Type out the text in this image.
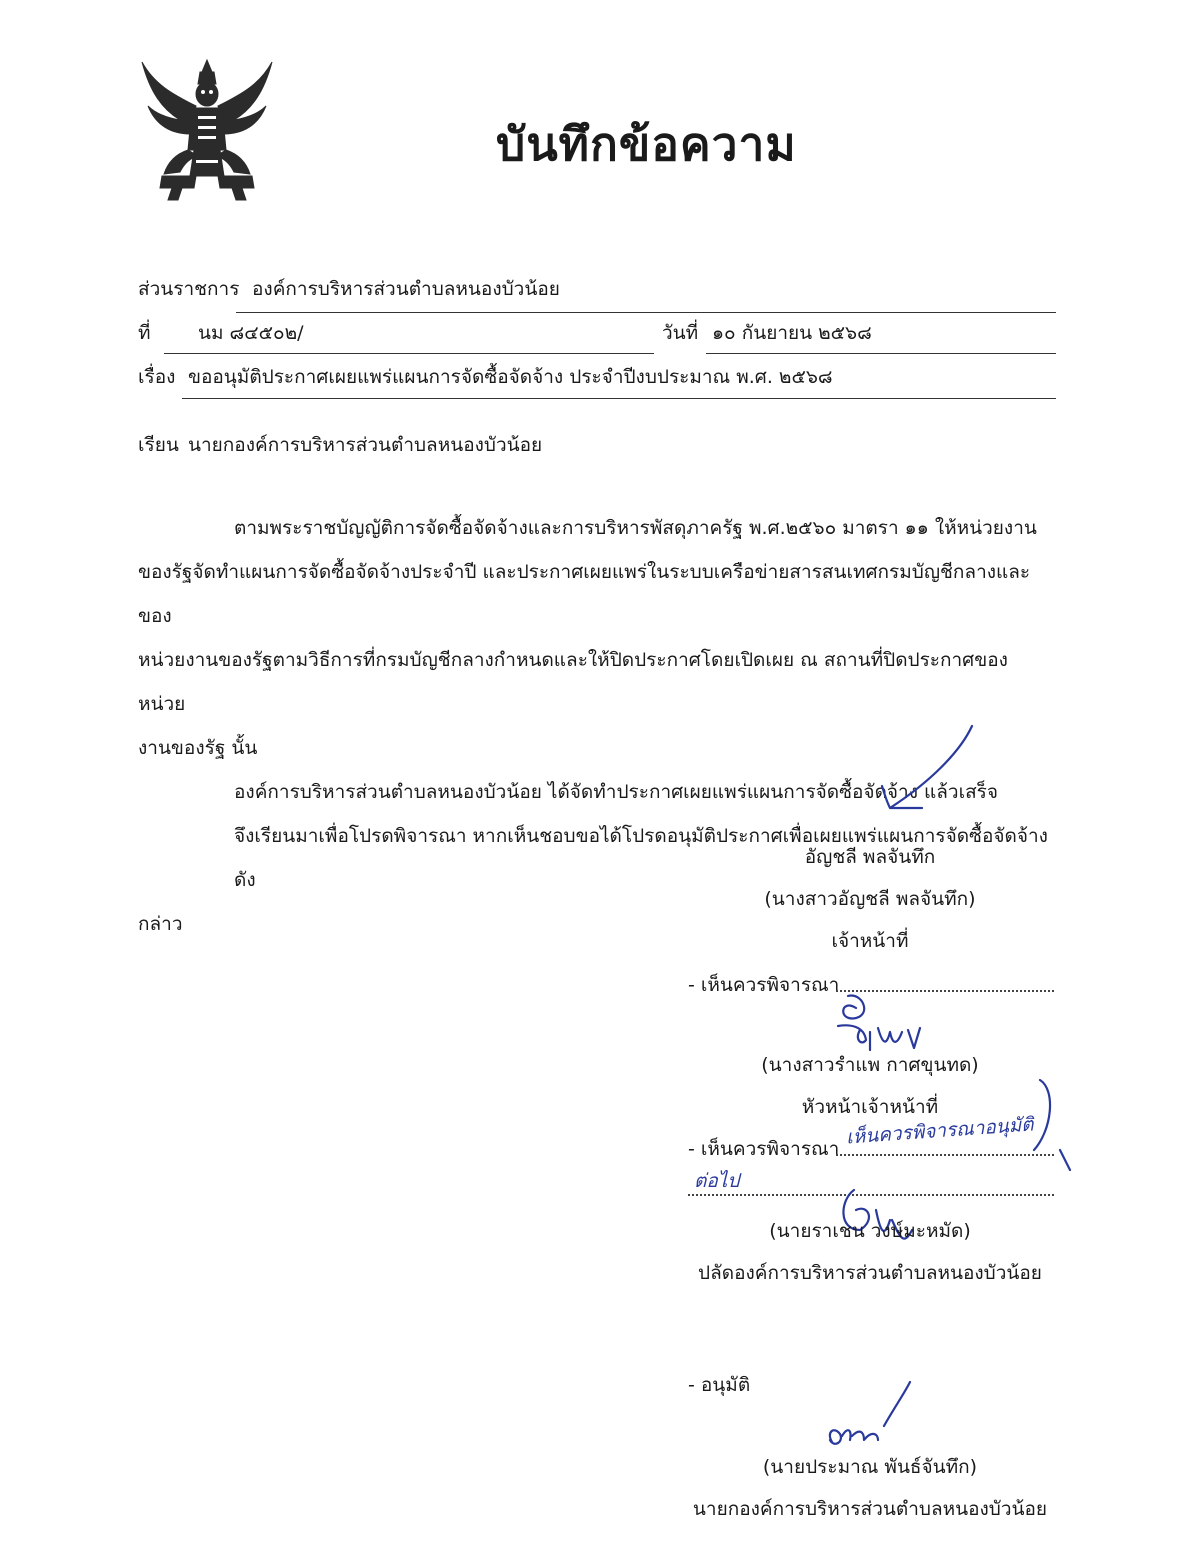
บันทึกข้อความ
ส่วนราชการ องค์การบริหารส่วนตำบลหนองบัวน้อย
ที่ นม ๘๔๕๐๒/	วันที่ ๑๐ กันยายน ๒๕๖๘
เรื่อง ขออนุมัติประกาศเผยแพร่แผนการจัดซื้อจัดจ้าง ประจำปีงบประมาณ พ.ศ. ๒๕๖๘
เรียน นายกองค์การบริหารส่วนตำบลหนองบัวน้อย
ตามพระราชบัญญัติการจัดซื้อจัดจ้างและการบริหารพัสดุภาครัฐ พ.ศ.๒๕๖๐ มาตรา ๑๑ ให้หน่วยงาน
ของรัฐจัดทำแผนการจัดซื้อจัดจ้างประจำปี และประกาศเผยแพร่ในระบบเครือข่ายสารสนเทศกรมบัญชีกลางและของ
หน่วยงานของรัฐตามวิธีการที่กรมบัญชีกลางกำหนดและให้ปิดประกาศโดยเปิดเผย ณ สถานที่ปิดประกาศของหน่วย
งานของรัฐ นั้น
องค์การบริหารส่วนตำบลหนองบัวน้อย ได้จัดทำประกาศเผยแพร่แผนการจัดซื้อจัดจ้าง แล้วเสร็จ
จึงเรียนมาเพื่อโปรดพิจารณา หากเห็นชอบขอได้โปรดอนุมัติประกาศเพื่อเผยแพร่แผนการจัดซื้อจัดจ้างดัง
กล่าว
อัญชลี พลจันทึก
(นางสาวอัญชลี พลจันทึก)
เจ้าหน้าที่
- เห็นควรพิจารณา
(นางสาวรำแพ กาศขุนทด)
หัวหน้าเจ้าหน้าที่
- เห็นควรพิจารณา
เห็นควรพิจารณาอนุมัติ
ต่อไป
(นายราเชน วงษ์มะหมัด)
ปลัดองค์การบริหารส่วนตำบลหนองบัวน้อย
- อนุมัติ
(นายประมาณ พันธ์จันทึก)
นายกองค์การบริหารส่วนตำบลหนองบัวน้อย
